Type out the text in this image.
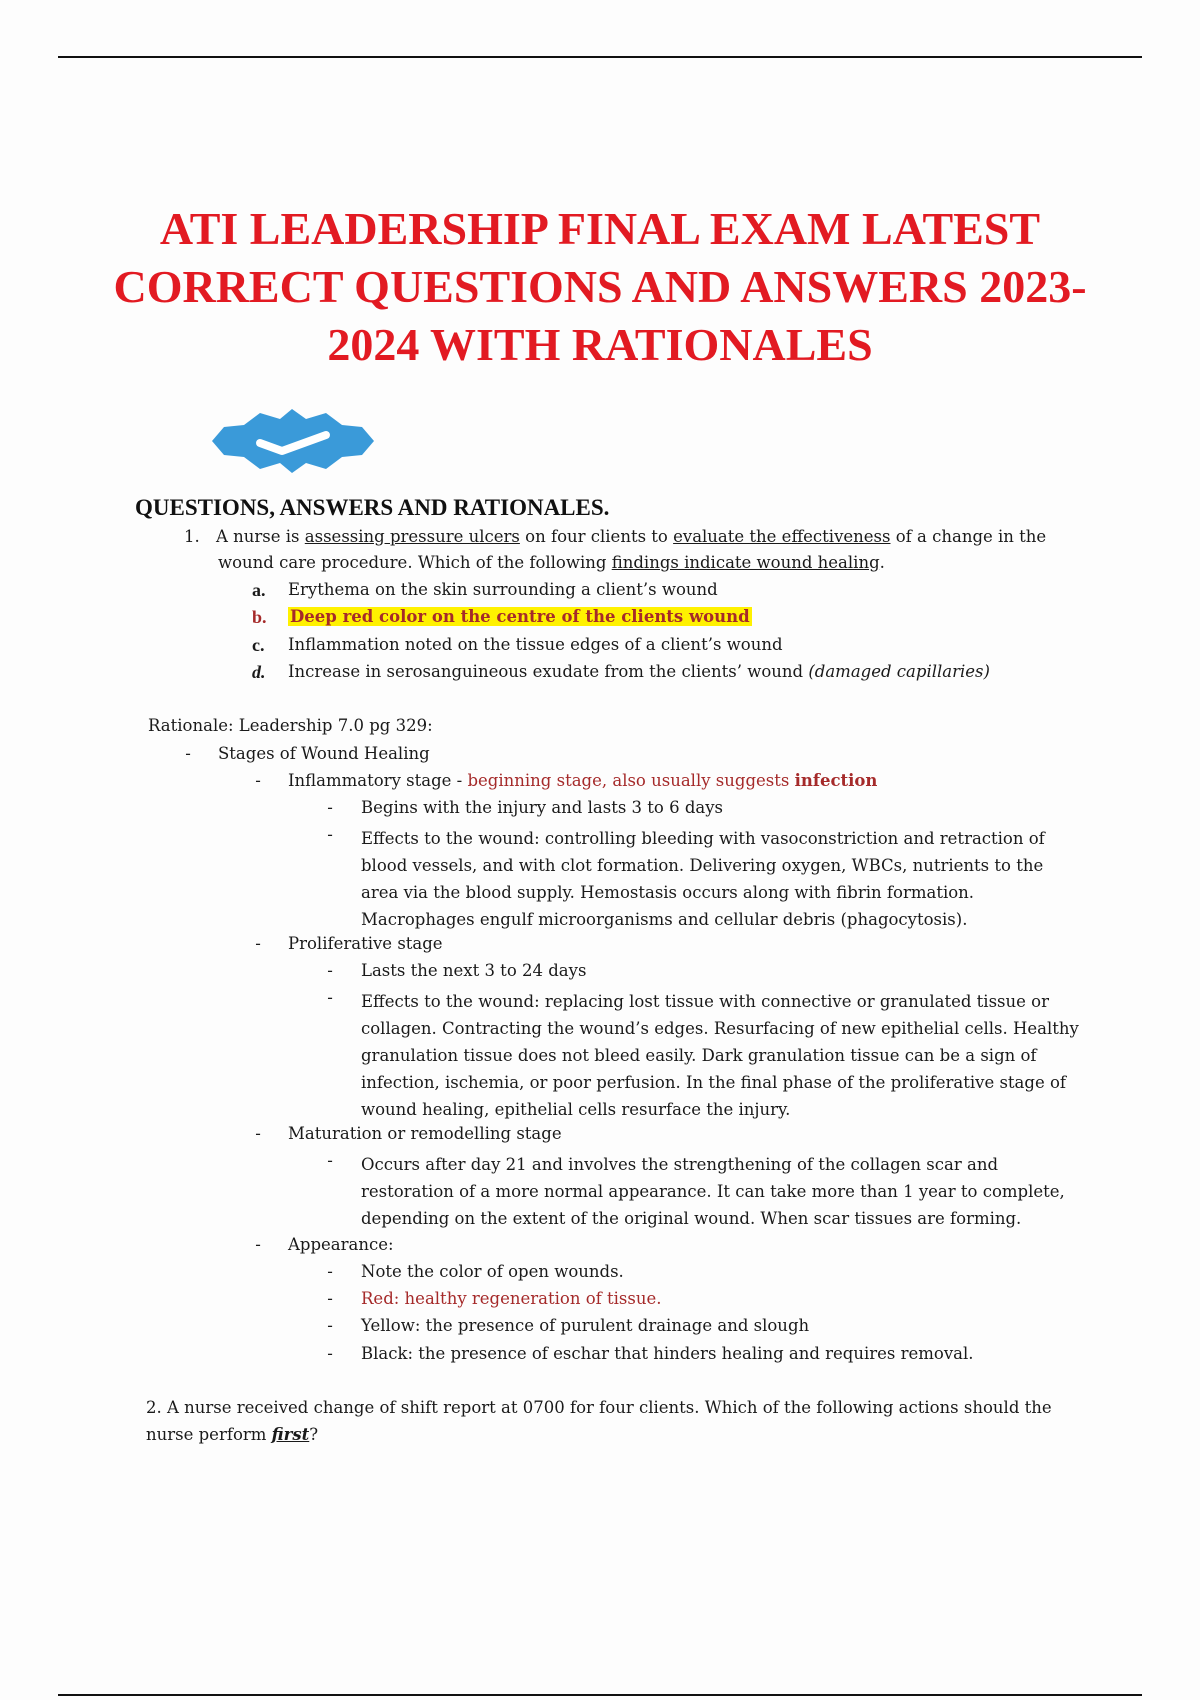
ATI LEADERSHIP FINAL EXAM LATEST CORRECT QUESTIONS AND ANSWERS 2023-2024 WITH RATIONALES
QUESTIONS, ANSWERS AND RATIONALES.
1. A nurse is assessing pressure ulcers on four clients to evaluate the effectiveness of a change in the
wound care procedure. Which of the following findings indicate wound healing.
a.	Erythema on the skin surrounding a client’s wound
b.	Deep red color on the centre of the clients wound
c.	Inflammation noted on the tissue edges of a client’s wound
d.	Increase in serosanguineous exudate from the clients’ wound (damaged capillaries)
Rationale: Leadership 7.0 pg 329:
-	Stages of Wound Healing
-	Inflammatory stage - beginning stage, also usually suggests infection
-	Begins with the injury and lasts 3 to 6 days
-	Effects to the wound: controlling bleeding with vasoconstriction and retraction of
blood vessels, and with clot formation. Delivering oxygen, WBCs, nutrients to the
area via the blood supply. Hemostasis occurs along with fibrin formation.
Macrophages engulf microorganisms and cellular debris (phagocytosis).
-	Proliferative stage
-	Lasts the next 3 to 24 days
-	Effects to the wound: replacing lost tissue with connective or granulated tissue or
collagen. Contracting the wound’s edges. Resurfacing of new epithelial cells. Healthy
granulation tissue does not bleed easily. Dark granulation tissue can be a sign of
infection, ischemia, or poor perfusion. In the final phase of the proliferative stage of
wound healing, epithelial cells resurface the injury.
-	Maturation or remodelling stage
-	Occurs after day 21 and involves the strengthening of the collagen scar and
restoration of a more normal appearance. It can take more than 1 year to complete,
depending on the extent of the original wound. When scar tissues are forming.
-	Appearance:
-	Note the color of open wounds.
-	Red: healthy regeneration of tissue.
-	Yellow: the presence of purulent drainage and slough
-	Black: the presence of eschar that hinders healing and requires removal.
2. A nurse received change of shift report at 0700 for four clients. Which of the following actions should the
nurse perform first?
